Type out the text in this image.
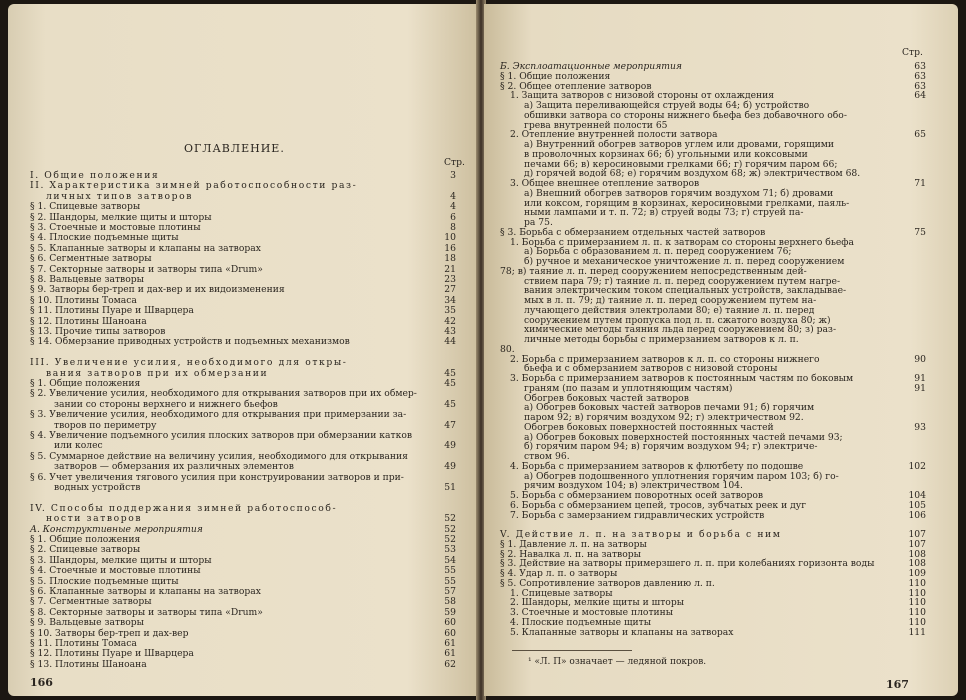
ОГЛАВЛЕНИЕ.
Стр.
I. Общие положения	3
II. Характеристика зимней работоспособности раз-
личных типов затворов	4
§ 1. Спицевые затворы	4
§ 2. Шандоры, мелкие щиты и шторы	6
§ 3. Стоечные и мостовые плотины	8
§ 4. Плоские подъемные щиты	10
§ 5. Клапанные затворы и клапаны на затворах	16
§ 6. Сегментные затворы	18
§ 7. Секторные затворы и затворы типа «Drum»	21
§ 8. Вальцевые затворы	23
§ 9. Затворы бер-треп и дах-вер и их видоизменения	27
§ 10. Плотины Томаса	34
§ 11. Плотины Пуаре и Шварцера	35
§ 12. Плотины Шаноана	42
§ 13. Прочие типы затворов	43
§ 14. Обмерзание приводных устройств и подъемных механизмов	44
III. Увеличение усилия, необходимого для откры-
вания затворов при их обмерзании	45
§ 1. Общие положения	45
§ 2. Увеличение усилия, необходимого для открывания затворов при их обмер-
зании со стороны верхнего и нижнего бьефов	45
§ 3. Увеличение усилия, необходимого для открывания при примерзании за-
творов по периметру	47
§ 4. Увеличение подъемного усилия плоских затворов при обмерзании катков
или колес	49
§ 5. Суммарное действие на величину усилия, необходимого для открывания
затворов — обмерзания их различных элементов	49
§ 6. Учет увеличения тягового усилия при конструировании затворов и при-
водных устройств	51
IV. Способы поддержания зимней работоспособ-
ности затворов	52
А. Конструктивные мероприятия	52
§ 1. Общие положения	52
§ 2. Спицевые затворы	53
§ 3. Шандоры, мелкие щиты и шторы	54
§ 4. Стоечные и мостовые плотины	55
§ 5. Плоские подъемные щиты	55
§ 6. Клапанные затворы и клапаны на затворах	57
§ 7. Сегментные затворы	58
§ 8. Секторные затворы и затворы типа «Drum»	59
§ 9. Вальцевые затворы	60
§ 10. Затворы бер-треп и дах-вер	60
§ 11. Плотины Томаса	61
§ 12. Плотины Пуаре и Шварцера	61
§ 13. Плотины Шаноана	62
166
Стр.
Б. Эксплоатационные мероприятия	63
§ 1. Общие положения	63
§ 2. Общее отепление затворов	63
1. Защита затворов с низовой стороны от охлаждения	64
а) Защита переливающейся струей воды 64; б) устройство
обшивки затвора со стороны нижнего бьефа без добавочного обо-
грева внутренней полости 65
2. Отепление внутренней полости затвора	65
а) Внутренний обогрев затворов углем или дровами, горящими
в проволочных корзинах 66; б) угольными или коксовыми
печами 66; в) керосиновыми грелками 66; г) горячим паром 66;
д) горячей водой 68; е) горячим воздухом 68; ж) электричеством 68.
3. Общее внешнее отепление затворов	71
а) Внешний обогрев затворов горячим воздухом 71; б) дровами
или коксом, горящим в корзинах, керосиновыми грелками, паяль-
ными лампами и т. п. 72; в) струей воды 73; г) струей па-
ра 75.
§ 3. Борьба с обмерзанием отдельных частей затворов	75
1. Борьба с примерзанием л. п. к затворам со стороны верхнего бьефа
а) Борьба с образованием л. п. перед сооружением 76;
б) ручное и механическое уничтожение л. п. перед сооружением
78; в) таяние л. п. перед сооружением непосредственным дей-
ствием пара 79; г) таяние л. п. перед сооружением путем нагре-
вания электрическим током специальных устройств, закладывае-
мых в л. п. 79; д) таяние л. п. перед сооружением путем на-
лучающего действия электролами 80; е) таяние л. п. перед
сооружением путем пропуска под л. п. сжатого воздуха 80; ж)
химические методы таяния льда перед сооружением 80; з) раз-
личные методы борьбы с примерзанием затворов к л. п.
80.
2. Борьба с примерзанием затворов к л. п. со стороны нижнего	90
бьефа и с обмерзанием затворов с низовой стороны
3. Борьба с примерзанием затворов к постоянным частям по боковым	91
граням (по пазам и уплотняющим частям)	91
Обогрев боковых частей затворов
а) Обогрев боковых частей затворов печами 91; б) горячим
паром 92; в) горячим воздухом 92; г) электричеством 92.
Обогрев боковых поверхностей постоянных частей	93
а) Обогрев боковых поверхностей постоянных частей печами 93;
б) горячим паром 94; в) горячим воздухом 94; г) электриче-
ством 96.
4. Борьба с примерзанием затворов к флютбету по подошве	102
а) Обогрев подошвенного уплотнения горячим паром 103; б) го-
рячим воздухом 104; в) электричеством 104.
5. Борьба с обмерзанием поворотных осей затворов	104
6. Борьба с обмерзанием цепей, тросов, зубчатых реек и дуг	105
7. Борьба с замерзанием гидравлических устройств	106
V. Действие л. п. на затворы и борьба с ним	107
§ 1. Давление л. п. на затворы	107
§ 2. Навалка л. п. на затворы	108
§ 3. Действие на затворы примерзшего л. п. при колебаниях горизонта воды	108
§ 4. Удар л. п. о затворы	109
§ 5. Сопротивление затворов давлению л. п.	110
1. Спицевые затворы	110
2. Шандоры, мелкие щиты и шторы	110
3. Стоечные и мостовые плотины	110
4. Плоские подъемные щиты	110
5. Клапанные затворы и клапаны на затворах	111
¹ «Л. П» означает — ледяной покров.
167
